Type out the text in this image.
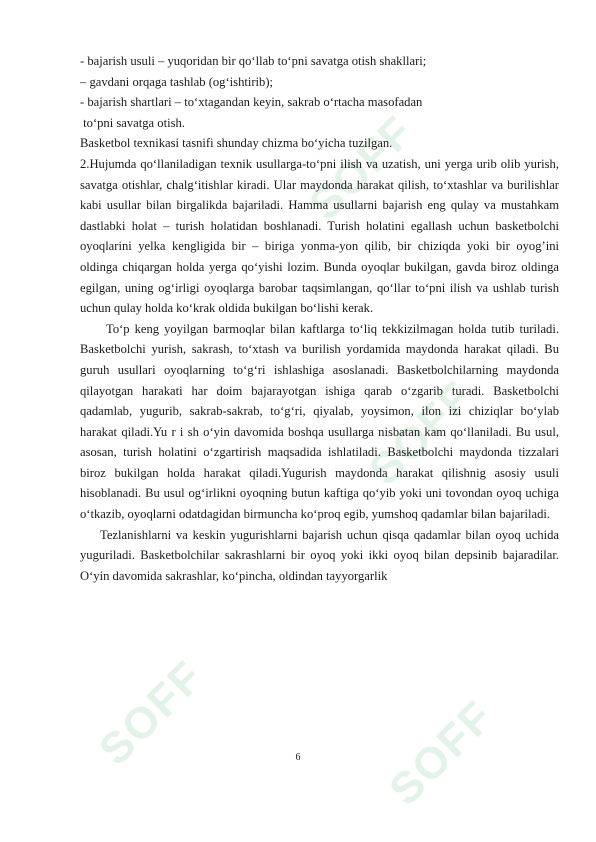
SOFF
SOFF
SOFF	SOFF
- bajarish usuli – yuqoridan bir qo‘llab to‘pni savatga otish shakllari;
– gavdani orqaga tashlab (og‘ishtirib);
- bajarish shartlari – to‘xtagandan keyin, sakrab o‘rtacha masofadan
to‘pni savatga otish.
Basketbol texnikasi tasnifi shunday chizma bo‘yicha tuzilgan.

2.Hujumda qo‘llaniladigan texnik usullarga-to‘pni ilish va uzatish, uni yerga urib olib yurish, savatga otishlar, chalg‘itishlar kiradi. Ular maydonda harakat qilish, to‘xtashlar va burilishlar kabi usullar bilan birgalikda bajariladi. Hamma usullarni bajarish eng qulay va mustahkam dastlabki holat – turish holatidan boshlanadi. Turish holatini egallash uchun basketbolchi oyoqlarini yelka kengligida bir – biriga yonma-yon qilib, bir chiziqda yoki bir oyog’ini oldinga chiqargan holda yerga qo‘yishi lozim. Bunda oyoqlar bukilgan, gavda biroz oldinga egilgan, uning og‘irligi oyoqlarga barobar taqsimlangan, qo‘llar to‘pni ilish va ushlab turish uchun qulay holda ko‘krak oldida bukilgan bo‘lishi kerak.

To‘p keng yoyilgan barmoqlar bilan kaftlarga to‘liq tekkizilmagan holda tutib turiladi. Basketbolchi yurish, sakrash, to‘xtash va burilish yordamida maydonda harakat qiladi. Bu guruh usullari oyoqlarning to‘g‘ri ishlashiga asoslanadi. Basketbolchilarning maydonda qilayotgan harakati har doim bajarayotgan ishiga qarab o‘zgarib turadi. Basketbolchi qadamlab, yugurib, sakrab-sakrab, to‘g‘ri, qiyalab, yoysimon, ilon izi chiziqlar bo‘ylab harakat qiladi.Yu r i sh o‘yin davomida boshqa usullarga nisbatan kam qo‘llaniladi. Bu usul, asosan, turish holatini o‘zgartirish maqsadida ishlatiladi. Basketbolchi maydonda tizzalari biroz bukilgan holda harakat qiladi.Yugurish maydonda harakat qilishnig asosiy usuli hisoblanadi. Bu usul og‘irlikni oyoqning butun kaftiga qo‘yib yoki uni tovondan oyoq uchiga o‘tkazib, oyoqlarni odatdagidan birmuncha ko‘proq egib, yumshoq qadamlar bilan bajariladi.

Tezlanishlarni va keskin yugurishlarni bajarish uchun qisqa qadamlar bilan oyoq uchida yuguriladi. Basketbolchilar sakrashlarni bir oyoq yoki ikki oyoq bilan depsinib bajaradilar. O‘yin davomida sakrashlar, ko‘pincha, oldindan tayyorgarlik

6
